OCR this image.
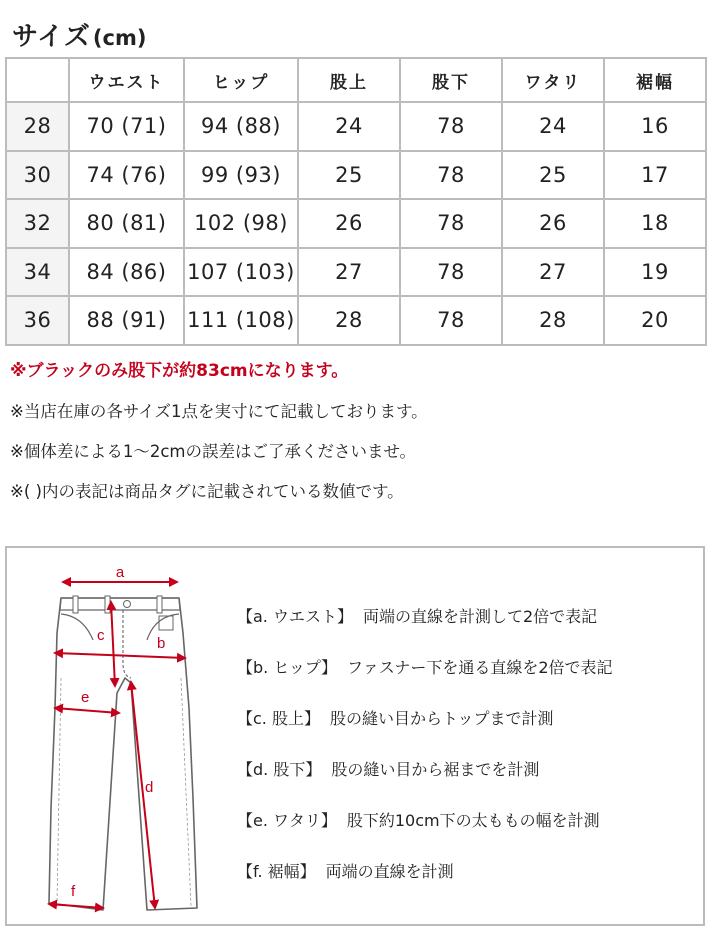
サイズ (cm)
	ウエスト	ヒップ	股上	股下	ワタリ	裾幅
28	70 (71)	94 (88)	24	78	24	16
30	74 (76)	99 (93)	25	78	25	17
32	80 (81)	102 (98)	26	78	26	18
34	84 (86)	107 (103)	27	78	27	19
36	88 (91)	111 (108)	28	78	28	20
※ブラックのみ股下が約83cmになります。
※当店在庫の各サイズ1点を実寸にて記載しております。
※個体差による1〜2cmの誤差はご了承くださいませ。
※( )内の表記は商品タグに記載されている数値です。
a
b
c
d
e
f
【a. ウエスト】 両端の直線を計測して2倍で表記
【b. ヒップ】 ファスナー下を通る直線を2倍で表記
【c. 股上】 股の縫い目からトップまで計測
【d. 股下】 股の縫い目から裾までを計測
【e. ワタリ】 股下約10cm下の太ももの幅を計測
【f. 裾幅】 両端の直線を計測
